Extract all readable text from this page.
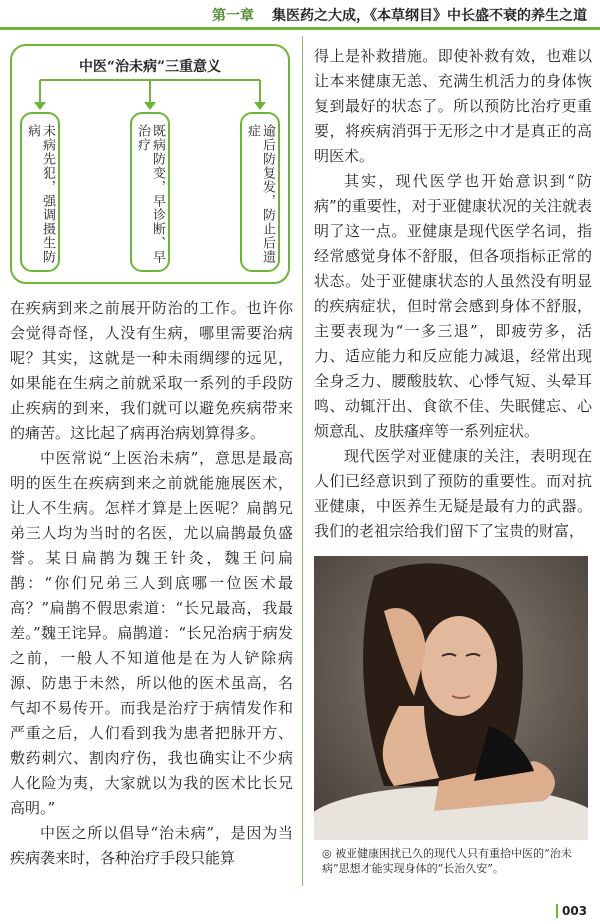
第一章 集医药之大成，《本草纲目》中长盛不衰的养生之道
中医“治未病”三重意义
未病先犯，强调摄生防病	既病防变，早诊断、早治疗	逾后防复发，防止后遗症

在疾病到来之前展开防治的工作。也许你会觉得奇怪，人没有生病，哪里需要治病呢？其实，这就是一种未雨绸缪的远见，如果能在生病之前就采取一系列的手段防止疾病的到来，我们就可以避免疾病带来的痛苦。这比起了病再治病划算得多。

中医常说“上医治未病”，意思是最高明的医生在疾病到来之前就能施展医术，让人不生病。怎样才算是上医呢？扁鹊兄弟三人均为当时的名医，尤以扁鹊最负盛誉。某日扁鹊为魏王针灸，魏王问扁鹊：“你们兄弟三人到底哪一位医术最高？”扁鹊不假思索道：“长兄最高，我最差。”魏王诧异。扁鹊道：“长兄治病于病发之前，一般人不知道他是在为人铲除病源、防患于未然，所以他的医术虽高，名气却不易传开。而我是治疗于病情发作和严重之后，人们看到我为患者把脉开方、敷药刺穴、割肉疗伤，我也确实让不少病人化险为夷，大家就以为我的医术比长兄高明。”

中医之所以倡导“治未病”，是因为当疾病袭来时，各种治疗手段只能算

得上是补救措施。即使补救有效，也难以让本来健康无恙、充满生机活力的身体恢复到最好的状态了。所以预防比治疗更重要，将疾病消弭于无形之中才是真正的高明医术。

其实，现代医学也开始意识到“防病”的重要性，对于亚健康状况的关注就表明了这一点。亚健康是现代医学名词，指经常感觉身体不舒服，但各项指标正常的状态。处于亚健康状态的人虽然没有明显的疾病症状，但时常会感到身体不舒服，主要表现为“一多三退”，即疲劳多，活力、适应能力和反应能力减退，经常出现全身乏力、腰酸肢软、心悸气短、头晕耳鸣、动辄汗出、食欲不佳、失眠健忘、心烦意乱、皮肤瘙痒等一系列症状。

现代医学对亚健康的关注，表明现在人们已经意识到了预防的重要性。而对抗亚健康，中医养生无疑是最有力的武器。我们的老祖宗给我们留下了宝贵的财富，

◎ 被亚健康困扰已久的现代人只有重拾中医的“治未病”思想才能实现身体的“长治久安”。
003
